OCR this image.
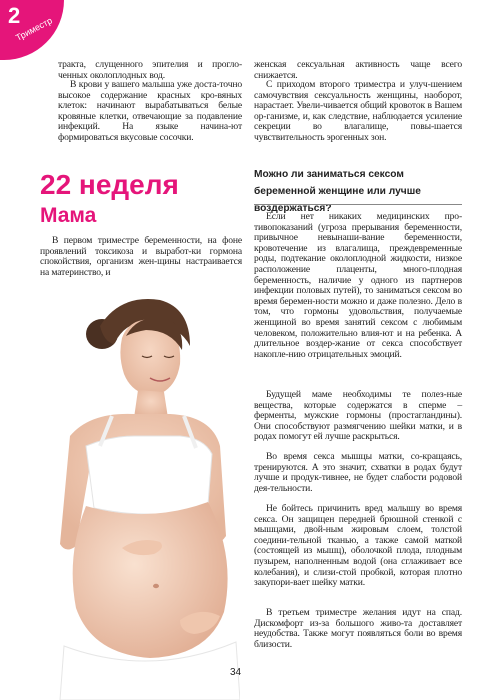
2
Триместр

тракта, слущенного эпителия и прогло-ченных околоплодных вод.

В крови у вашего малыша уже доста-точно высокое содержание красных кро-вяных клеток: начинают вырабатываться белые кровяные клетки, отвечающие за подавление инфекций. На языке начина-ют формироваться вкусовые сосочки.

женская сексуальная активность чаще всего снижается.

С приходом второго триместра и улуч-шением самочувствия сексуальность женщины, наоборот, нарастает. Увели-чивается общий кровоток в Вашем ор-ганизме, и, как следствие, наблюдается усиление секреции во влагалище, повы-шается чувствительность эрогенных зон.

22 неделя
Мама

В первом триместре беременности, на фоне проявлений токсикоза и выработ-ки гормона спокойствия, организм жен-щины настраивается на материнство, и

Можно ли заниматься сексом беременной женщине или лучше воздержаться?

Если нет никаких медицинских про-тивопоказаний (угроза прерывания беременности, привычное невынаши-вание беременности, кровотечение из влагалища, преждевременные роды, подтекание околоплодной жидкости, низкое расположение плаценты, много-плодная беременность, наличие у одного из партнеров инфекции половых путей), то заниматься сексом во время беремен-ности можно и даже полезно. Дело в том, что гормоны удовольствия, получаемые женщиной во время занятий сексом с любимым человеком, положительно влия-ют и на ребенка. А длительное воздер-жание от секса способствует накопле-нию отрицательных эмоций.

Будущей маме необходимы те полез-ные вещества, которые содержатся в сперме – ферменты, мужские гормоны (простагландины). Они способствуют размягчению шейки матки, и в родах помогут ей лучше раскрыться.

Во время секса мышцы матки, со-кращаясь, тренируются. А это значит, схватки в родах будут лучше и продук-тивнее, не будет слабости родовой дея-тельности.

Не бойтесь причинить вред малышу во время секса. Он защищен передней брюшной стенкой с мышцами, двой-ным жировым слоем, толстой соедини-тельной тканью, а также самой маткой (состоящей из мышц), оболочкой плода, плодным пузырем, наполненным водой (она сглаживает все колебания), и слизи-стой пробкой, которая плотно закупори-вает шейку матки.

В третьем триместре желания идут на спад. Дискомфорт из-за большого живо-та доставляет неудобства. Также могут появляться боли во время близости.

34
